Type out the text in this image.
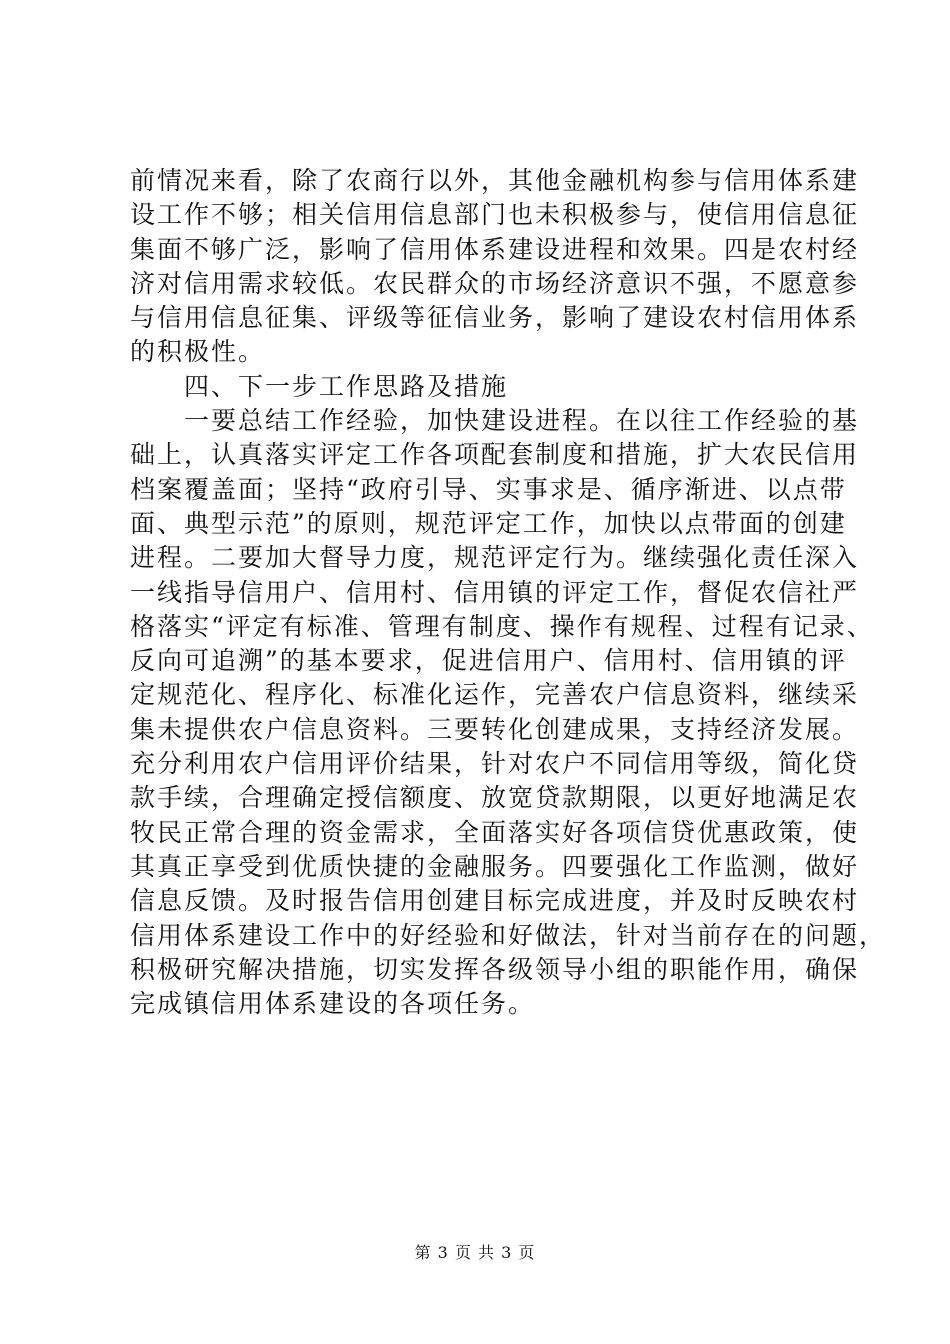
前情况来看，除了农商行以外，其他金融机构参与信用体系建
设工作不够；相关信用信息部门也未积极参与，使信用信息征
集面不够广泛，影响了信用体系建设进程和效果。四是农村经
济对信用需求较低。农民群众的市场经济意识不强，不愿意参
与信用信息征集、评级等征信业务，影响了建设农村信用体系
的积极性。
　　四、下一步工作思路及措施
　　一要总结工作经验，加快建设进程。在以往工作经验的基
础上，认真落实评定工作各项配套制度和措施，扩大农民信用
档案覆盖面；坚持“政府引导、实事求是、循序渐进、以点带
面、典型示范”的原则，规范评定工作，加快以点带面的创建
进程。二要加大督导力度，规范评定行为。继续强化责任深入
一线指导信用户、信用村、信用镇的评定工作，督促农信社严
格落实“评定有标准、管理有制度、操作有规程、过程有记录、
反向可追溯”的基本要求，促进信用户、信用村、信用镇的评
定规范化、程序化、标准化运作，完善农户信息资料，继续采
集未提供农户信息资料。三要转化创建成果，支持经济发展。
充分利用农户信用评价结果，针对农户不同信用等级，简化贷
款手续，合理确定授信额度、放宽贷款期限，以更好地满足农
牧民正常合理的资金需求，全面落实好各项信贷优惠政策，使
其真正享受到优质快捷的金融服务。四要强化工作监测，做好
信息反馈。及时报告信用创建目标完成进度，并及时反映农村
信用体系建设工作中的好经验和好做法，针对当前存在的问题，
积极研究解决措施，切实发挥各级领导小组的职能作用，确保
完成镇信用体系建设的各项任务。
第 3 页 共 3 页
